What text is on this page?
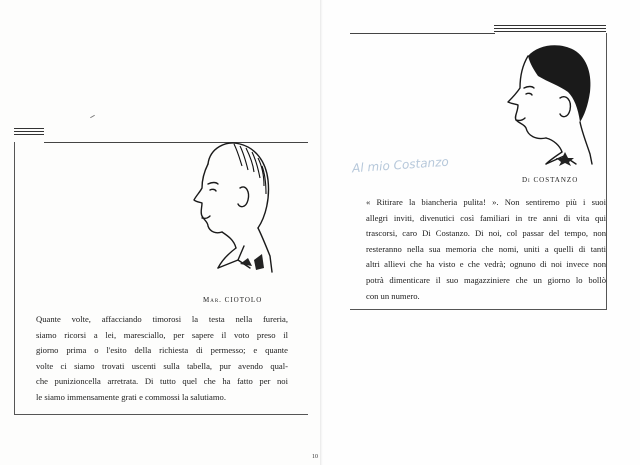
Mar. CIOTOLO
Quante volte, affacciando timorosi la testa nella fureria,
siamo ricorsi a lei, maresciallo, per sapere il voto preso il
giorno prima o l'esito della richiesta di permesso; e quante
volte ci siamo trovati uscenti sulla tabella, pur avendo qual-
che punizioncella arretrata. Di tutto quel che ha fatto per noi
le siamo immensamente grati e commossi la salutiamo.
Di COSTANZO
Al mio Costanzo
« Ritirare la biancheria pulita! ». Non sentiremo più i suoi
allegri inviti, divenutici così familiari in tre anni di vita qui
trascorsi, caro Di Costanzo. Di noi, col passar del tempo, non
resteranno nella sua memoria che nomi, uniti a quelli di tanti
altri allievi che ha visto e che vedrà; ognuno di noi invece non
potrà dimenticare il suo magazziniere che un giorno lo bollò
con un numero.
10
